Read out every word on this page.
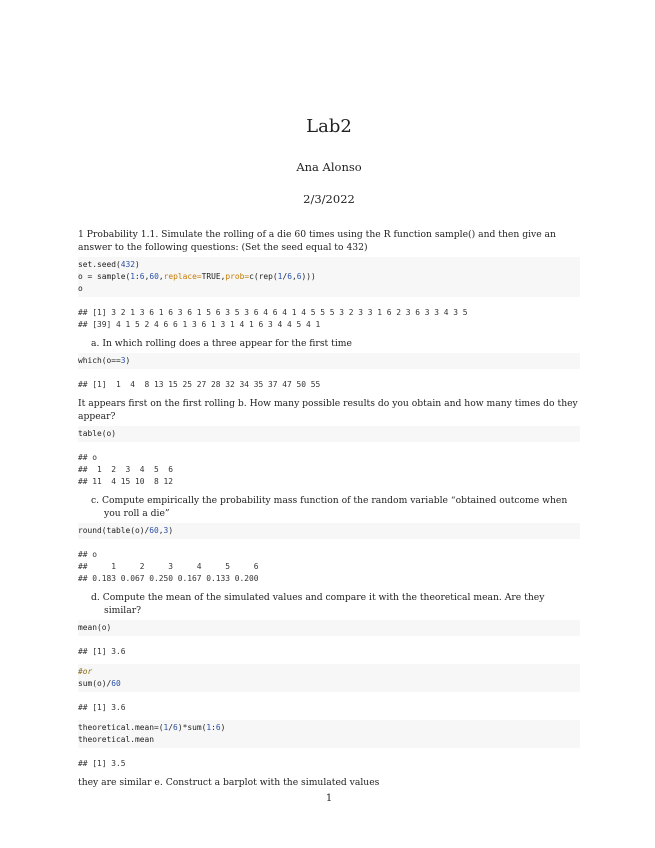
Lab2
Ana Alonso
2/3/2022

1 Probability 1.1. Simulate the rolling of a die 60 times using the R function sample() and then give an answer to the following questions: (Set the seed equal to 432)

set.seed(432)
o = sample(1:6,60,replace=TRUE,prob=c(rep(1/6,6)))
o
## [1] 3 2 1 3 6 1 6 3 6 1 5 6 3 5 3 6 4 6 4 1 4 5 5 5 3 2 3 3 1 6 2 3 6 3 3 4 3 5
## [39] 4 1 5 2 4 6 6 1 3 6 1 3 1 4 1 6 3 4 4 5 4 1

a. In which rolling does a three appear for the first time

which(o==3)
## [1]  1  4  8 13 15 25 27 28 32 34 35 37 47 50 55

It appears first on the first rolling b. How many possible results do you obtain and how many times do they appear?

table(o)
## o
##  1  2  3  4  5  6
## 11  4 15 10  8 12

c. Compute empirically the probability mass function of the random variable “obtained outcome when you roll a die”

round(table(o)/60,3)
## o
##     1     2     3     4     5     6
## 0.183 0.067 0.250 0.167 0.133 0.200

d. Compute the mean of the simulated values and compare it with the theoretical mean. Are they similar?

mean(o)
## [1] 3.6
#or
sum(o)/60
## [1] 3.6
theoretical.mean=(1/6)*sum(1:6)
theoretical.mean
## [1] 3.5

they are similar e. Construct a barplot with the simulated values

1
